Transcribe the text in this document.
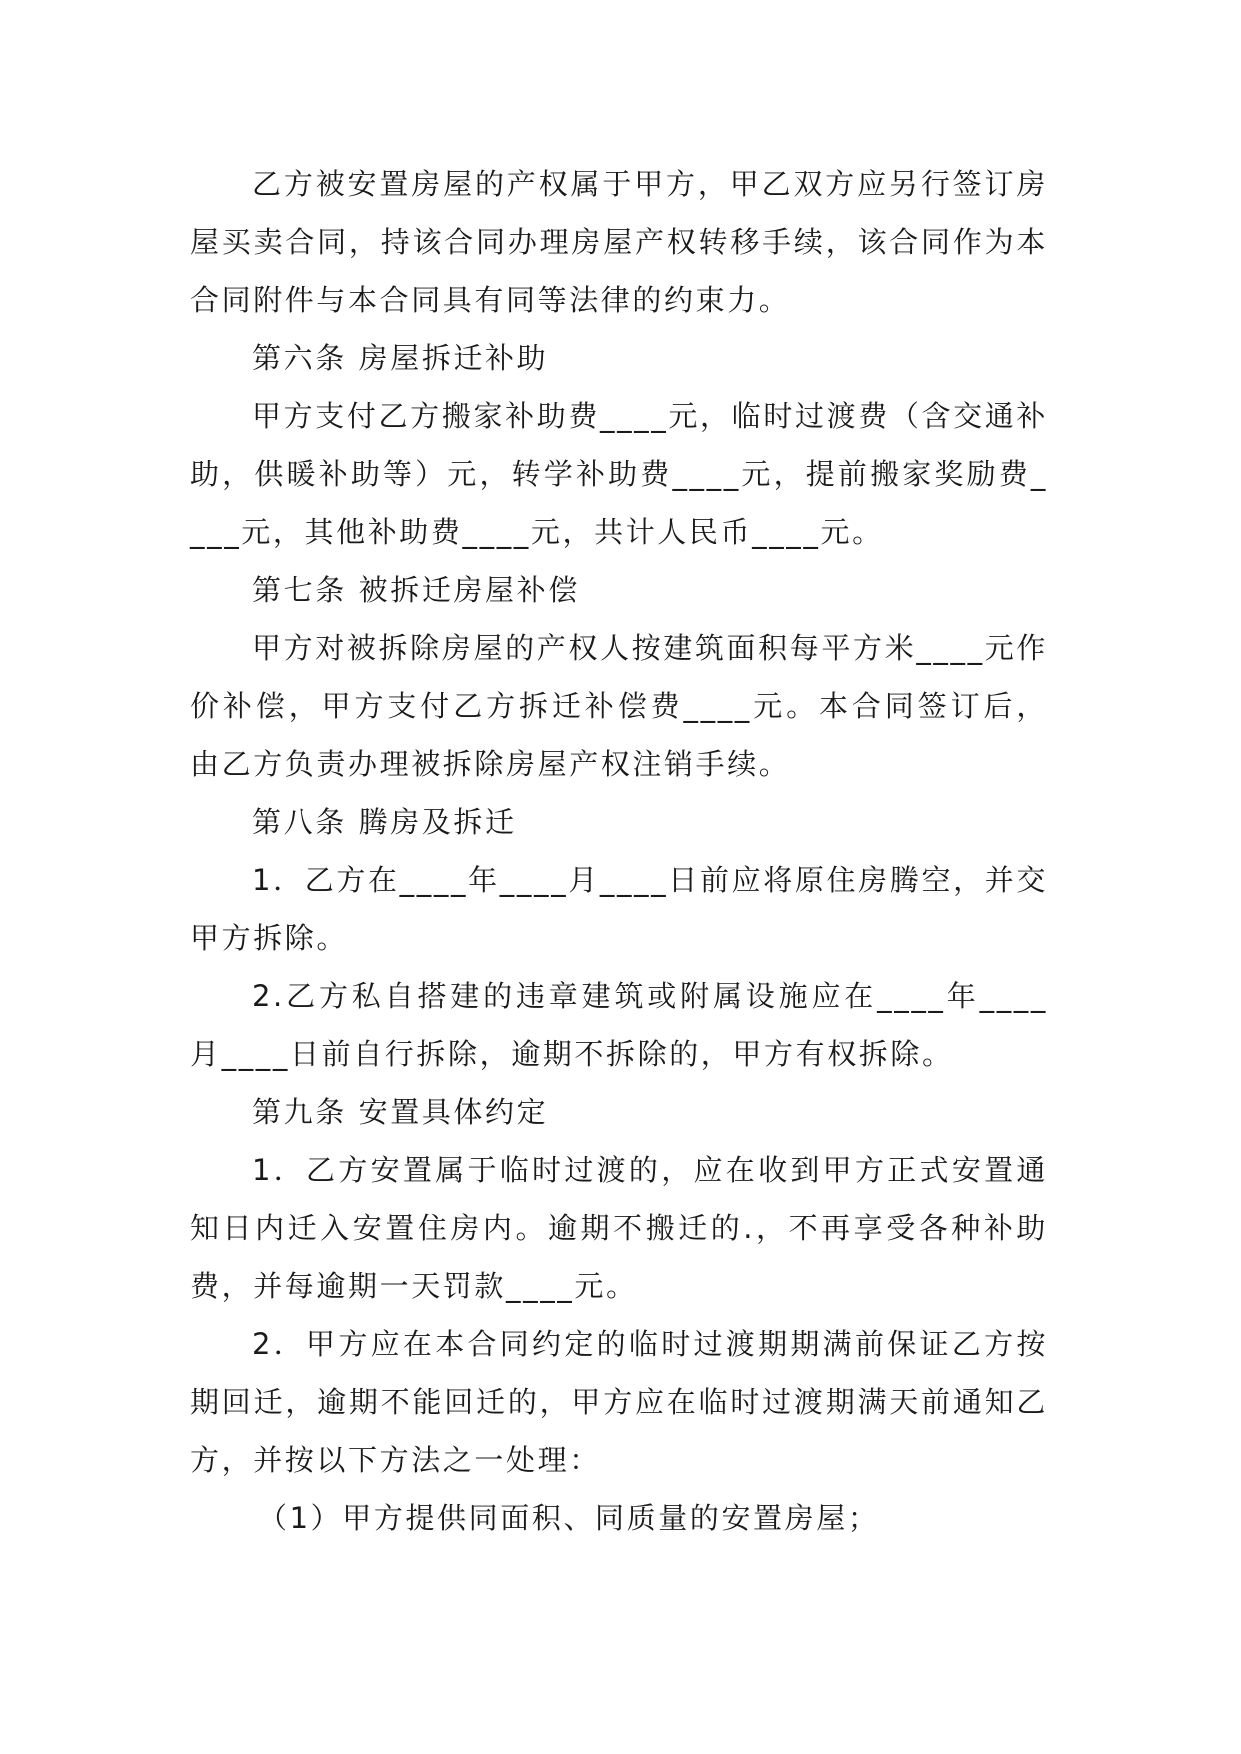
乙方被安置房屋的产权属于甲方，甲乙双方应另行签订房屋买卖合同，持该合同办理房屋产权转移手续，该合同作为本合同附件与本合同具有同等法律的约束力。

第六条 房屋拆迁补助

甲方支付乙方搬家补助费____元，临时过渡费（含交通补助，供暖补助等）元，转学补助费____元，提前搬家奖励费____元，其他补助费____元，共计人民币____元。

第七条 被拆迁房屋补偿

甲方对被拆除房屋的产权人按建筑面积每平方米____元作价补偿，甲方支付乙方拆迁补偿费____元。本合同签订后，由乙方负责办理被拆除房屋产权注销手续。

第八条 腾房及拆迁

1．乙方在____年____月____日前应将原住房腾空，并交甲方拆除。

2.乙方私自搭建的违章建筑或附属设施应在____年____月____日前自行拆除，逾期不拆除的，甲方有权拆除。

第九条 安置具体约定

1．乙方安置属于临时过渡的，应在收到甲方正式安置通知日内迁入安置住房内。逾期不搬迁的.，不再享受各种补助费，并每逾期一天罚款____元。

2．甲方应在本合同约定的临时过渡期期满前保证乙方按期回迁，逾期不能回迁的，甲方应在临时过渡期满天前通知乙方，并按以下方法之一处理：

（1）甲方提供同面积、同质量的安置房屋；
